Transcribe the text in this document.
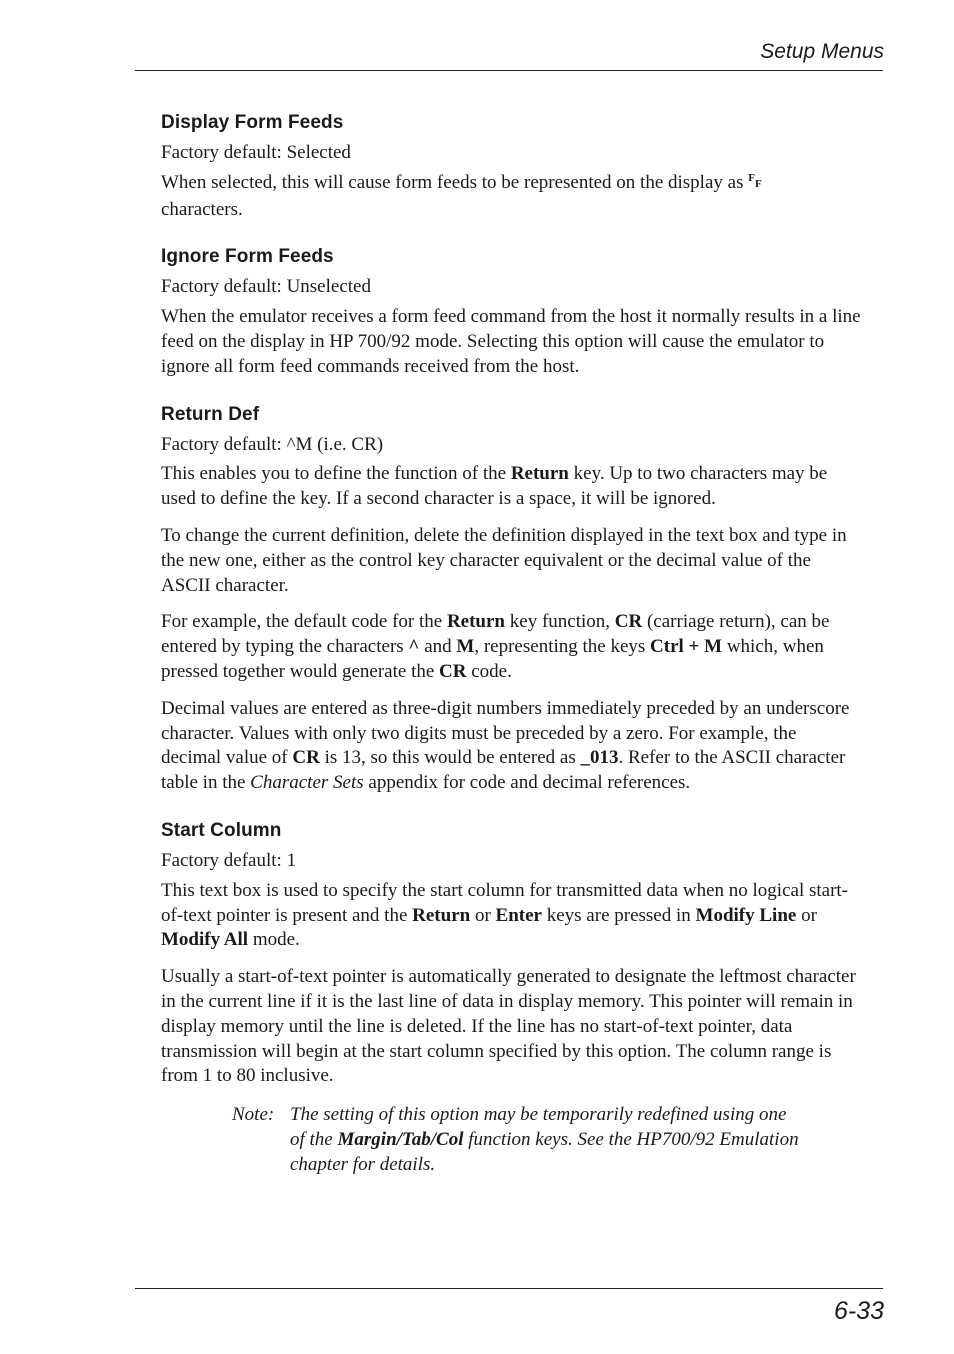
Setup Menus
Display Form Feeds

Factory default: Selected

When selected, this will cause form feeds to be represented on the display as FF
characters.

Ignore Form Feeds

Factory default: Unselected

When the emulator receives a form feed command from the host it normally results in a line feed on the display in HP 700/92 mode. Selecting this option will cause the emulator to ignore all form feed commands received from the host.

Return Def

Factory default: ^M (i.e. CR)

This enables you to define the function of the Return key. Up to two characters may be used to define the key. If a second character is a space, it will be ignored.

To change the current definition, delete the definition displayed in the text box and type in the new one, either as the control key character equivalent or the decimal value of the ASCII character.

For example, the default code for the Return key function, CR (carriage return), can be entered by typing the characters ^ and M, representing the keys Ctrl + M which, when pressed together would generate the CR code.

Decimal values are entered as three-digit numbers immediately preceded by an underscore character. Values with only two digits must be preceded by a zero. For example, the decimal value of CR is 13, so this would be entered as _013. Refer to the ASCII character table in the Character Sets appendix for code and decimal references.

Start Column

Factory default: 1

This text box is used to specify the start column for transmitted data when no logical start-of-text pointer is present and the Return or Enter keys are pressed in Modify Line or Modify All mode.

Usually a start-of-text pointer is automatically generated to designate the leftmost character in the current line if it is the last line of data in display memory. This pointer will remain in display memory until the line is deleted. If the line has no start-of-text pointer, data transmission will begin at the start column specified by this option. The column range is from 1 to 80 inclusive.

Note: The setting of this option may be temporarily redefined using one of the Margin/Tab/Col function keys. See the HP700/92 Emulation chapter for details.
6-33
